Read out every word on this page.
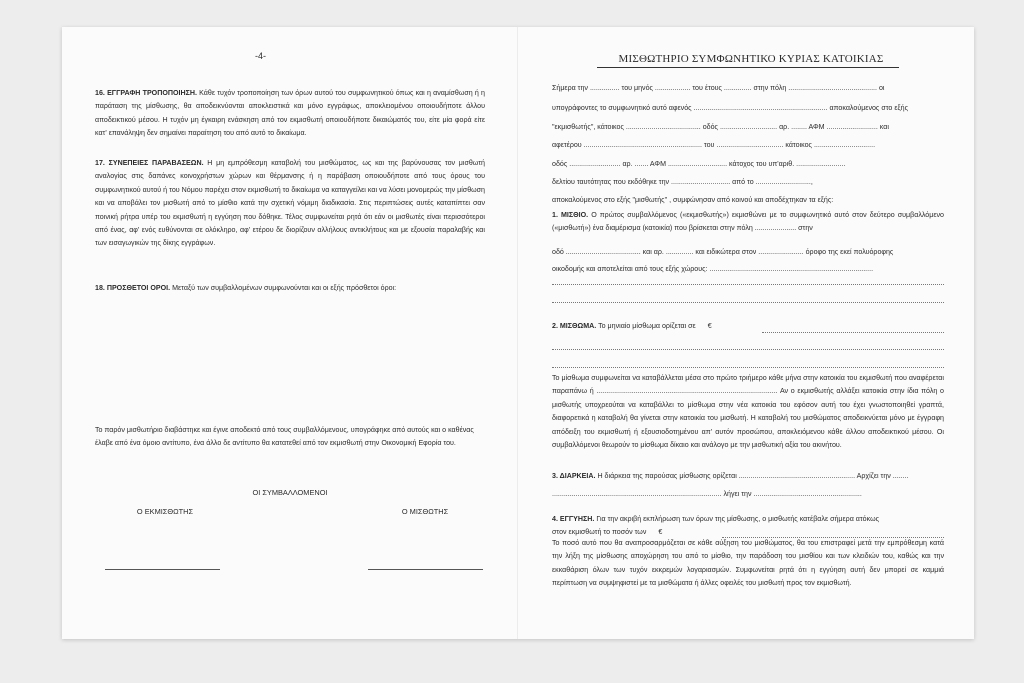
-4-
16. ΕΓΓΡΑΦΗ ΤΡΟΠΟΠΟΙΗΣΗ. Κάθε τυχόν τροποποίηση των όρων αυτού του συμφωνητικού όπως και η αναμίσθωση ή η παράταση της μίσθωσης, θα αποδεικνύονται αποκλειστικά και μόνο εγγράφως, αποκλειομένου οποιουδήποτε άλλου αποδεικτικού μέσου. Η τυχόν μη έγκαιρη ενάσκηση από τον εκμισθωτή οποιουδήποτε δικαιώματός του, είτε μία φορά είτε κατ' επανάληψη δεν σημαίνει παραίτηση του από αυτό το δικαίωμα.
17. ΣΥΝΕΠΕΙΕΣ ΠΑΡΑΒΑΣΕΩΝ. Η μη εμπρόθεσμη καταβολή του μισθώματος, ως και της βαρύνουσας τον μισθωτή αναλογίας στις δαπάνες κοινοχρήστων χώρων και θέρμανσης ή η παράβαση οποιουδήποτε από τους όρους του συμφωνητικού αυτού ή του Νόμου παρέχει στον εκμισθωτή το δικαίωμα να καταγγείλει και να λύσει μονομερώς την μίσθωση και να αποβάλει τον μισθωτή από το μίσθιο κατά την σχετική νόμιμη διαδικασία. Στις περιπτώσεις αυτές καταπίπτει σαν ποινική ρήτρα υπέρ του εκμισθωτή η εγγύηση που δόθηκε. Τέλος συμφωνείται ρητά ότι εάν οι μισθωτές είναι περισσότεροι από ένας, αφ' ενός ευθύνονται σε ολόκληρο, αφ' ετέρου δε διορίζουν αλλήλους αντικλήτους και με εξουσία παραλαβής και των εισαγωγικών της δίκης εγγράφων.
18. ΠΡΟΣΘΕΤΟΙ ΟΡΟΙ. Μεταξύ των συμβαλλομένων συμφωνούνται και οι εξής πρόσθετοι όροι:
Το παρόν μισθωτήριο διαβάστηκε και έγινε αποδεκτό από τους συμβαλλόμενους, υπογράφηκε από αυτούς και ο καθένας έλαβε από ένα όμοιο αντίτυπο, ένα άλλο δε αντίτυπο θα κατατεθεί από τον εκμισθωτή στην Οικονομική Εφορία του.
ΟΙ ΣΥΜΒΑΛΛΟΜΕΝΟΙ
Ο ΕΚΜΙΣΘΩΤΗΣ	Ο ΜΙΣΘΩΤΗΣ
ΜΙΣΘΩΤΗΡΙΟ ΣΥΜΦΩΝΗΤΙΚΟ ΚΥΡΙΑΣ ΚΑΤΟΙΚΙΑΣ
Σήμερα την ............... του μηνός .................. του έτους .............. στην πόλη ............................................. οι
υπογράφοντες το συμφωνητικό αυτό αφενός .................................................................... αποκαλούμενος στο εξής
"εκμισθωτής", κάτοικος ...................................... οδός ............................. αρ. ........ ΑΦΜ .......................... και
αφετέρου ............................................................ του .................................. κάτοικος ...............................
οδός .......................... αρ. ....... ΑΦΜ .............................. κάτοχος του υπ'αριθ. .........................
δελτίου ταυτότητας που εκδόθηκε την .............................. από το ............................,
αποκαλούμενος στο εξής "μισθωτής" , συμφώνησαν από κοινού και αποδέχτηκαν τα εξής:
1. ΜΙΣΘΙΟ. Ο πρώτος συμβαλλόμενος («εκμισθωτής») εκμισθώνει με το συμφωνητικό αυτό στον δεύτερο συμβαλλόμενο («μισθωτή») ένα διαμέρισμα (κατοικία) που βρίσκεται στην πόλη ..................... στην
οδό ...................................... και αρ. .............. και ειδικώτερα στον ....................... όροφο της εκεί πολυόροφης
οικοδομής και αποτελείται από τους εξής χώρους: ...................................................................................
2. ΜΙΣΘΩΜΑ. Το μηνιαίο μίσθωμα ορίζεται σε €
Το μίσθωμα συμφωνείται να καταβάλλεται μέσα στο πρώτο τριήμερο κάθε μήνα στην κατοικία του εκμισθωτή που αναφέρεται παραπάνω ή ............................................................................................ Αν ο εκμισθωτής αλλάξει κατοικία στην ίδια πόλη ο μισθωτής υποχρεούται να καταβάλλει το μίσθωμα στην νέα κατοικία του εφόσον αυτή του έχει γνωστοποιηθεί γραπτά, διαφορετικά η καταβολή θα γίνεται στην κατοικία του μισθωτή. Η καταβολή του μισθώματος αποδεικνύεται μόνο με έγγραφη απόδειξη του εκμισθωτή ή εξουσιοδοτημένου απ' αυτόν προσώπου, αποκλειόμενου κάθε άλλου αποδεικτικού μέσου. Οι συμβαλλόμενοι θεωρούν το μίσθωμα δίκαιο και ανάλογο με την μισθωτική αξία του ακινήτου.
3. ΔΙΑΡΚΕΙΑ. Η διάρκεια της παρούσας μίσθωσης ορίζεται ........................................................... Αρχίζει την ........
...................................................................................... λήγει την .......................................................
4. ΕΓΓΥΗΣΗ. Για την ακριβή εκπλήρωση των όρων της μίσθωσης, ο μισθωτής κατέβαλε σήμερα ατόκως
στον εκμισθωτή το ποσόν των €
Το ποσό αυτό που θα αναπροσαρμόζεται σε κάθε αύξηση του μισθώματος, θα του επιστραφεί μετά την εμπρόθεσμη κατά την λήξη της μίσθωσης αποχώρηση του από το μίσθιο, την παράδοση του μισθίου και των κλειδιών του, καθώς και την εκκαθάριση όλων των τυχόν εκκρεμών λογαριασμών. Συμφωνείται ρητά ότι η εγγύηση αυτή δεν μπορεί σε καμμιά περίπτωση να συμψηφιστεί με τα μισθώματα ή άλλες οφειλές του μισθωτή προς τον εκμισθωτή.
